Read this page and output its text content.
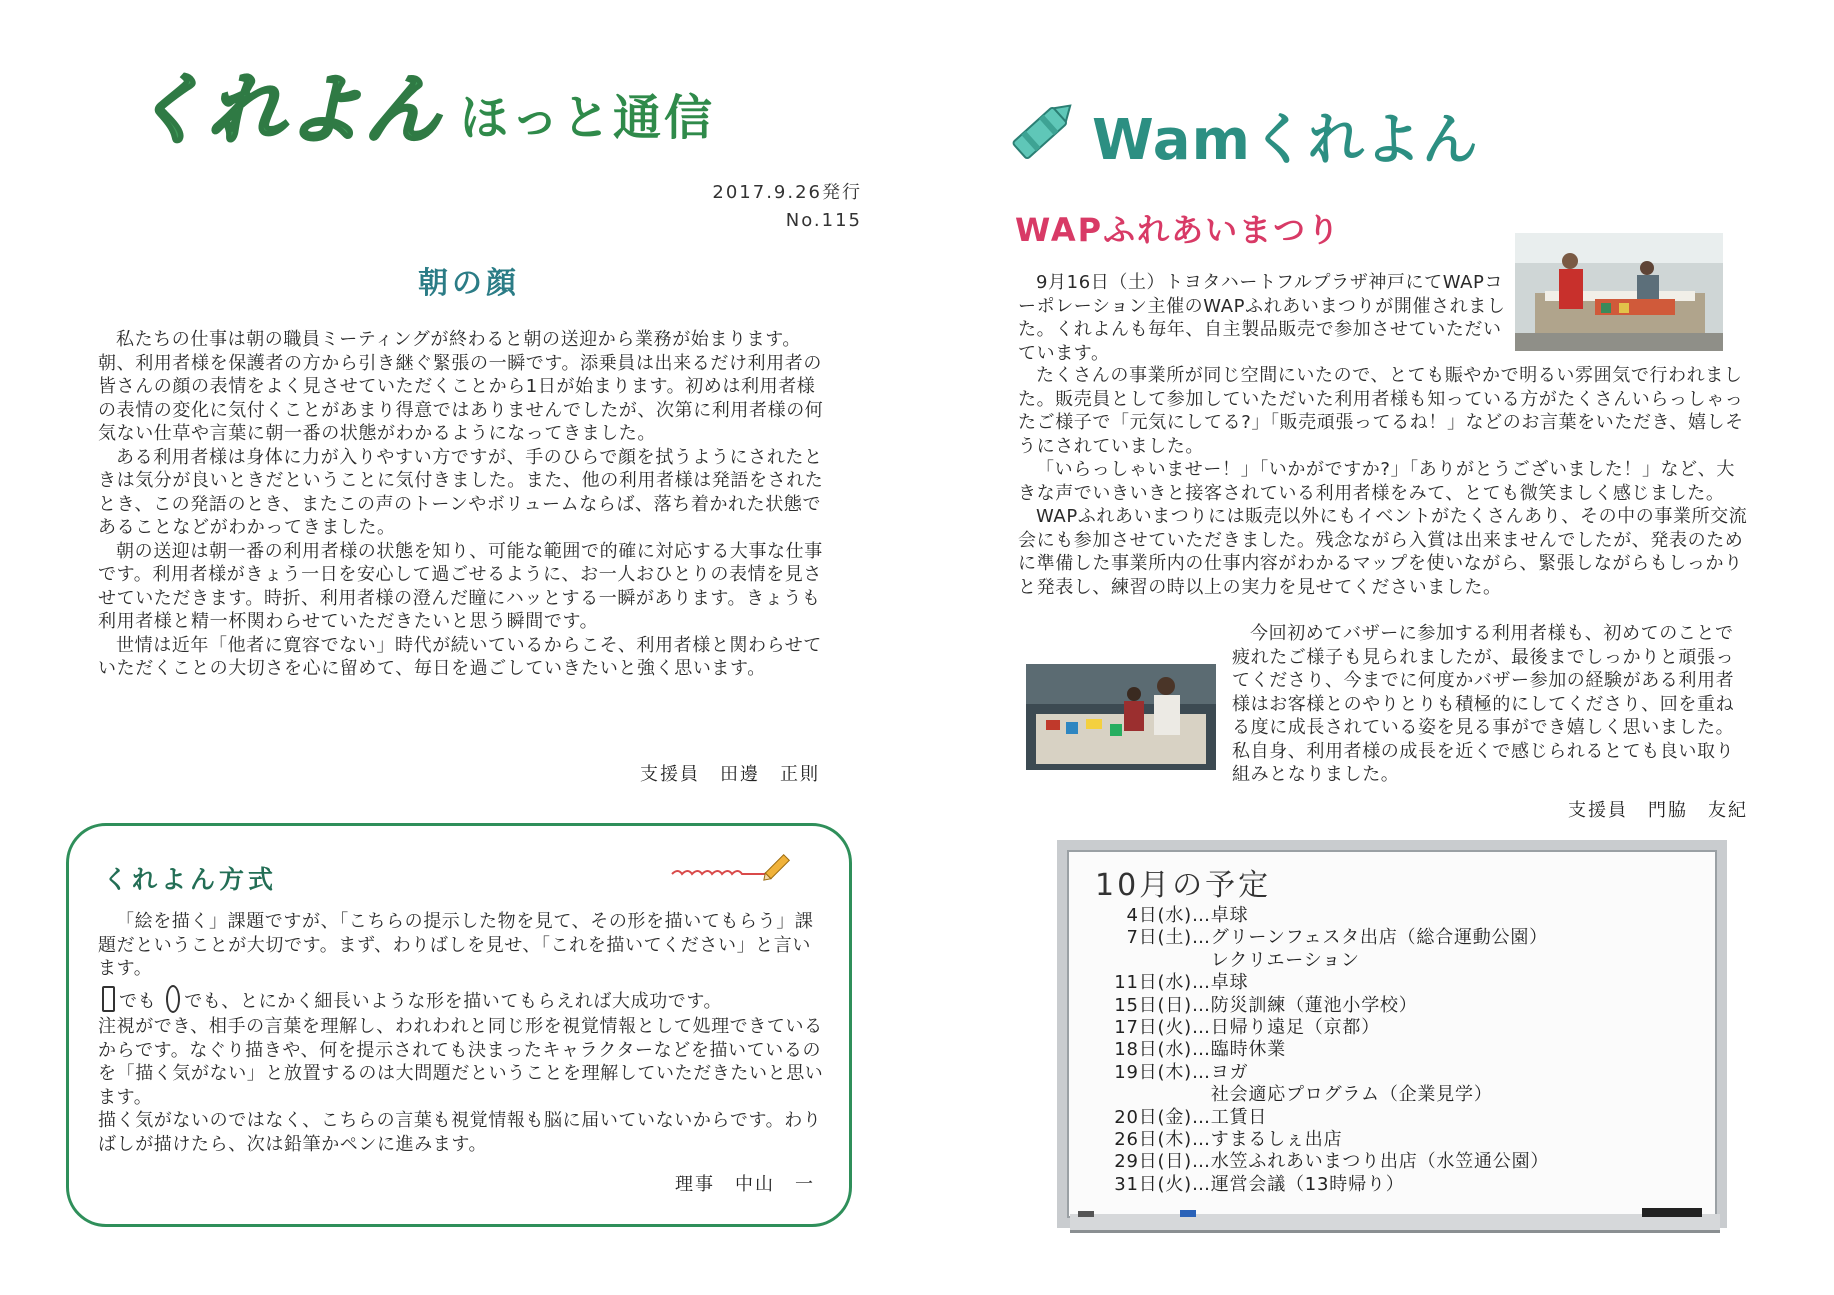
くれよん ほっと通信
2017.9.26発行
No.115
朝の顔

私たちの仕事は朝の職員ミーティングが終わると朝の送迎から業務が始まります。朝、利用者様を保護者の方から引き継ぐ緊張の一瞬です。添乗員は出来るだけ利用者の皆さんの顔の表情をよく見させていただくことから1日が始まります。初めは利用者様の表情の変化に気付くことがあまり得意ではありませんでしたが、次第に利用者様の何気ない仕草や言葉に朝一番の状態がわかるようになってきました。

ある利用者様は身体に力が入りやすい方ですが、手のひらで顔を拭うようにされたときは気分が良いときだということに気付きました。また、他の利用者様は発語をされたとき、この発語のとき、またこの声のトーンやボリュームならば、落ち着かれた状態であることなどがわかってきました。

朝の送迎は朝一番の利用者様の状態を知り、可能な範囲で的確に対応する大事な仕事です。利用者様がきょう一日を安心して過ごせるように、お一人おひとりの表情を見させていただきます。時折、利用者様の澄んだ瞳にハッとする一瞬があります。きょうも利用者様と精一杯関わらせていただきたいと思う瞬間です。

世情は近年「他者に寛容でない」時代が続いているからこそ、利用者様と関わらせていただくことの大切さを心に留めて、毎日を過ごしていきたいと強く思います。

支援員　田邊　正則
くれよん方式

「絵を描く」課題ですが、「こちらの提示した物を見て、その形を描いてもらう」課題だということが大切です。まず、わりばしを見せ、「これを描いてください」と言います。

でも でも、とにかく細長いような形を描いてもらえれば大成功です。

注視ができ、相手の言葉を理解し、われわれと同じ形を視覚情報として処理できているからです。なぐり描きや、何を提示されても決まったキャラクターなどを描いているのを「描く気がない」と放置するのは大問題だということを理解していただきたいと思います。

描く気がないのではなく、こちらの言葉も視覚情報も脳に届いていないからです。わりばしが描けたら、次は鉛筆かペンに進みます。

理事　中山　一
Wamくれよん
WAPふれあいまつり

9月16日（土）トヨタハートフルプラザ神戸にてWAPコーポレーション主催のWAPふれあいまつりが開催されました。くれよんも毎年、自主製品販売で参加させていただいています。

たくさんの事業所が同じ空間にいたので、とても賑やかで明るい雰囲気で行われました。販売員として参加していただいた利用者様も知っている方がたくさんいらっしゃったご様子で「元気にしてる?」「販売頑張ってるね！」などのお言葉をいただき、嬉しそうにされていました。

「いらっしゃいませー！」「いかがですか?」「ありがとうございました！」など、大きな声でいきいきと接客されている利用者様をみて、とても微笑ましく感じました。

WAPふれあいまつりには販売以外にもイベントがたくさんあり、その中の事業所交流会にも参加させていただきました。残念ながら入賞は出来ませんでしたが、発表のために準備した事業所内の仕事内容がわかるマップを使いながら、緊張しながらもしっかりと発表し、練習の時以上の実力を見せてくださいました。

今回初めてバザーに参加する利用者様も、初めてのことで疲れたご様子も見られましたが、最後までしっかりと頑張ってくださり、今までに何度かバザー参加の経験がある利用者様はお客様とのやりとりも積極的にしてくださり、回を重ねる度に成長されている姿を見る事ができ嬉しく思いました。私自身、利用者様の成長を近くで感じられるとても良い取り組みとなりました。

支援員　門脇　友紀
10月の予定
4日(水) …卓球
7日(土) …グリーンフェスタ出店（総合運動公園）
　レクリエーション
11日(水) …卓球
15日(日) …防災訓練（蓮池小学校）
17日(火) …日帰り遠足（京都）
18日(水) …臨時休業
19日(木) …ヨガ
　社会適応プログラム（企業見学）
20日(金) …工賃日
26日(木) …すまるしぇ出店
29日(日) …水笠ふれあいまつり出店（水笠通公園）
31日(火) …運営会議（13時帰り）
